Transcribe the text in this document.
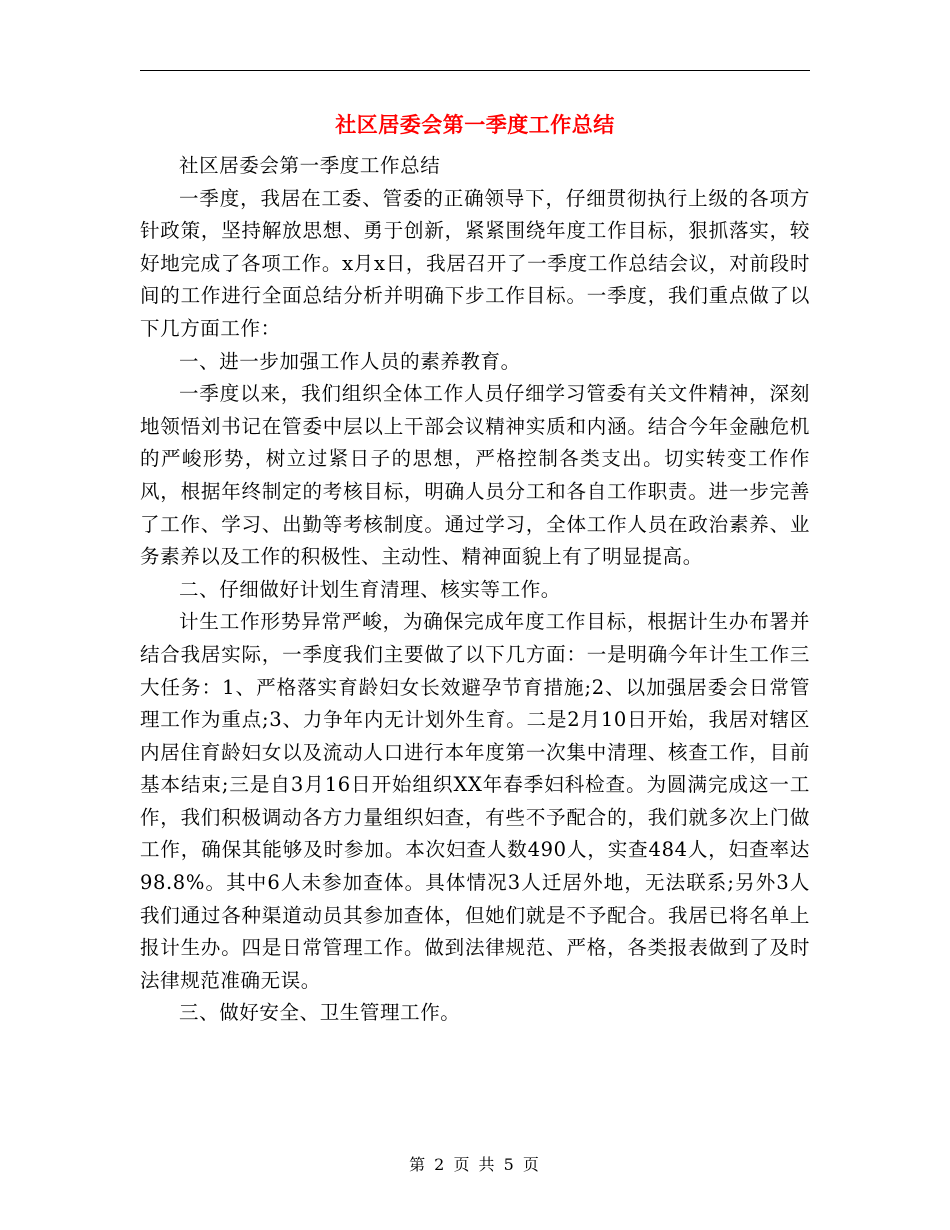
社区居委会第一季度工作总结

社区居委会第一季度工作总结

一季度，我居在工委、管委的正确领导下，仔细贯彻执行上级的各项方针政策，坚持解放思想、勇于创新，紧紧围绕年度工作目标，狠抓落实，较好地完成了各项工作。x月x日，我居召开了一季度工作总结会议，对前段时间的工作进行全面总结分析并明确下步工作目标。一季度，我们重点做了以下几方面工作：

一、进一步加强工作人员的素养教育。

一季度以来，我们组织全体工作人员仔细学习管委有关文件精神，深刻地领悟刘书记在管委中层以上干部会议精神实质和内涵。结合今年金融危机的严峻形势，树立过紧日子的思想，严格控制各类支出。切实转变工作作风，根据年终制定的考核目标，明确人员分工和各自工作职责。进一步完善了工作、学习、出勤等考核制度。通过学习，全体工作人员在政治素养、业务素养以及工作的积极性、主动性、精神面貌上有了明显提高。

二、仔细做好计划生育清理、核实等工作。

计生工作形势异常严峻，为确保完成年度工作目标，根据计生办布署并结合我居实际，一季度我们主要做了以下几方面：一是明确今年计生工作三大任务：1、严格落实育龄妇女长效避孕节育措施;2、以加强居委会日常管理工作为重点;3、力争年内无计划外生育。二是2月10日开始，我居对辖区内居住育龄妇女以及流动人口进行本年度第一次集中清理、核查工作，目前基本结束;三是自3月16日开始组织XX年春季妇科检查。为圆满完成这一工作，我们积极调动各方力量组织妇查，有些不予配合的，我们就多次上门做工作，确保其能够及时参加。本次妇查人数490人，实查484人，妇查率达98.8%。其中6人未参加查体。具体情况3人迁居外地，无法联系;另外3人我们通过各种渠道动员其参加查体，但她们就是不予配合。我居已将名单上报计生办。四是日常管理工作。做到法律规范、严格，各类报表做到了及时法律规范准确无误。

三、做好安全、卫生管理工作。

第 2 页 共 5 页
